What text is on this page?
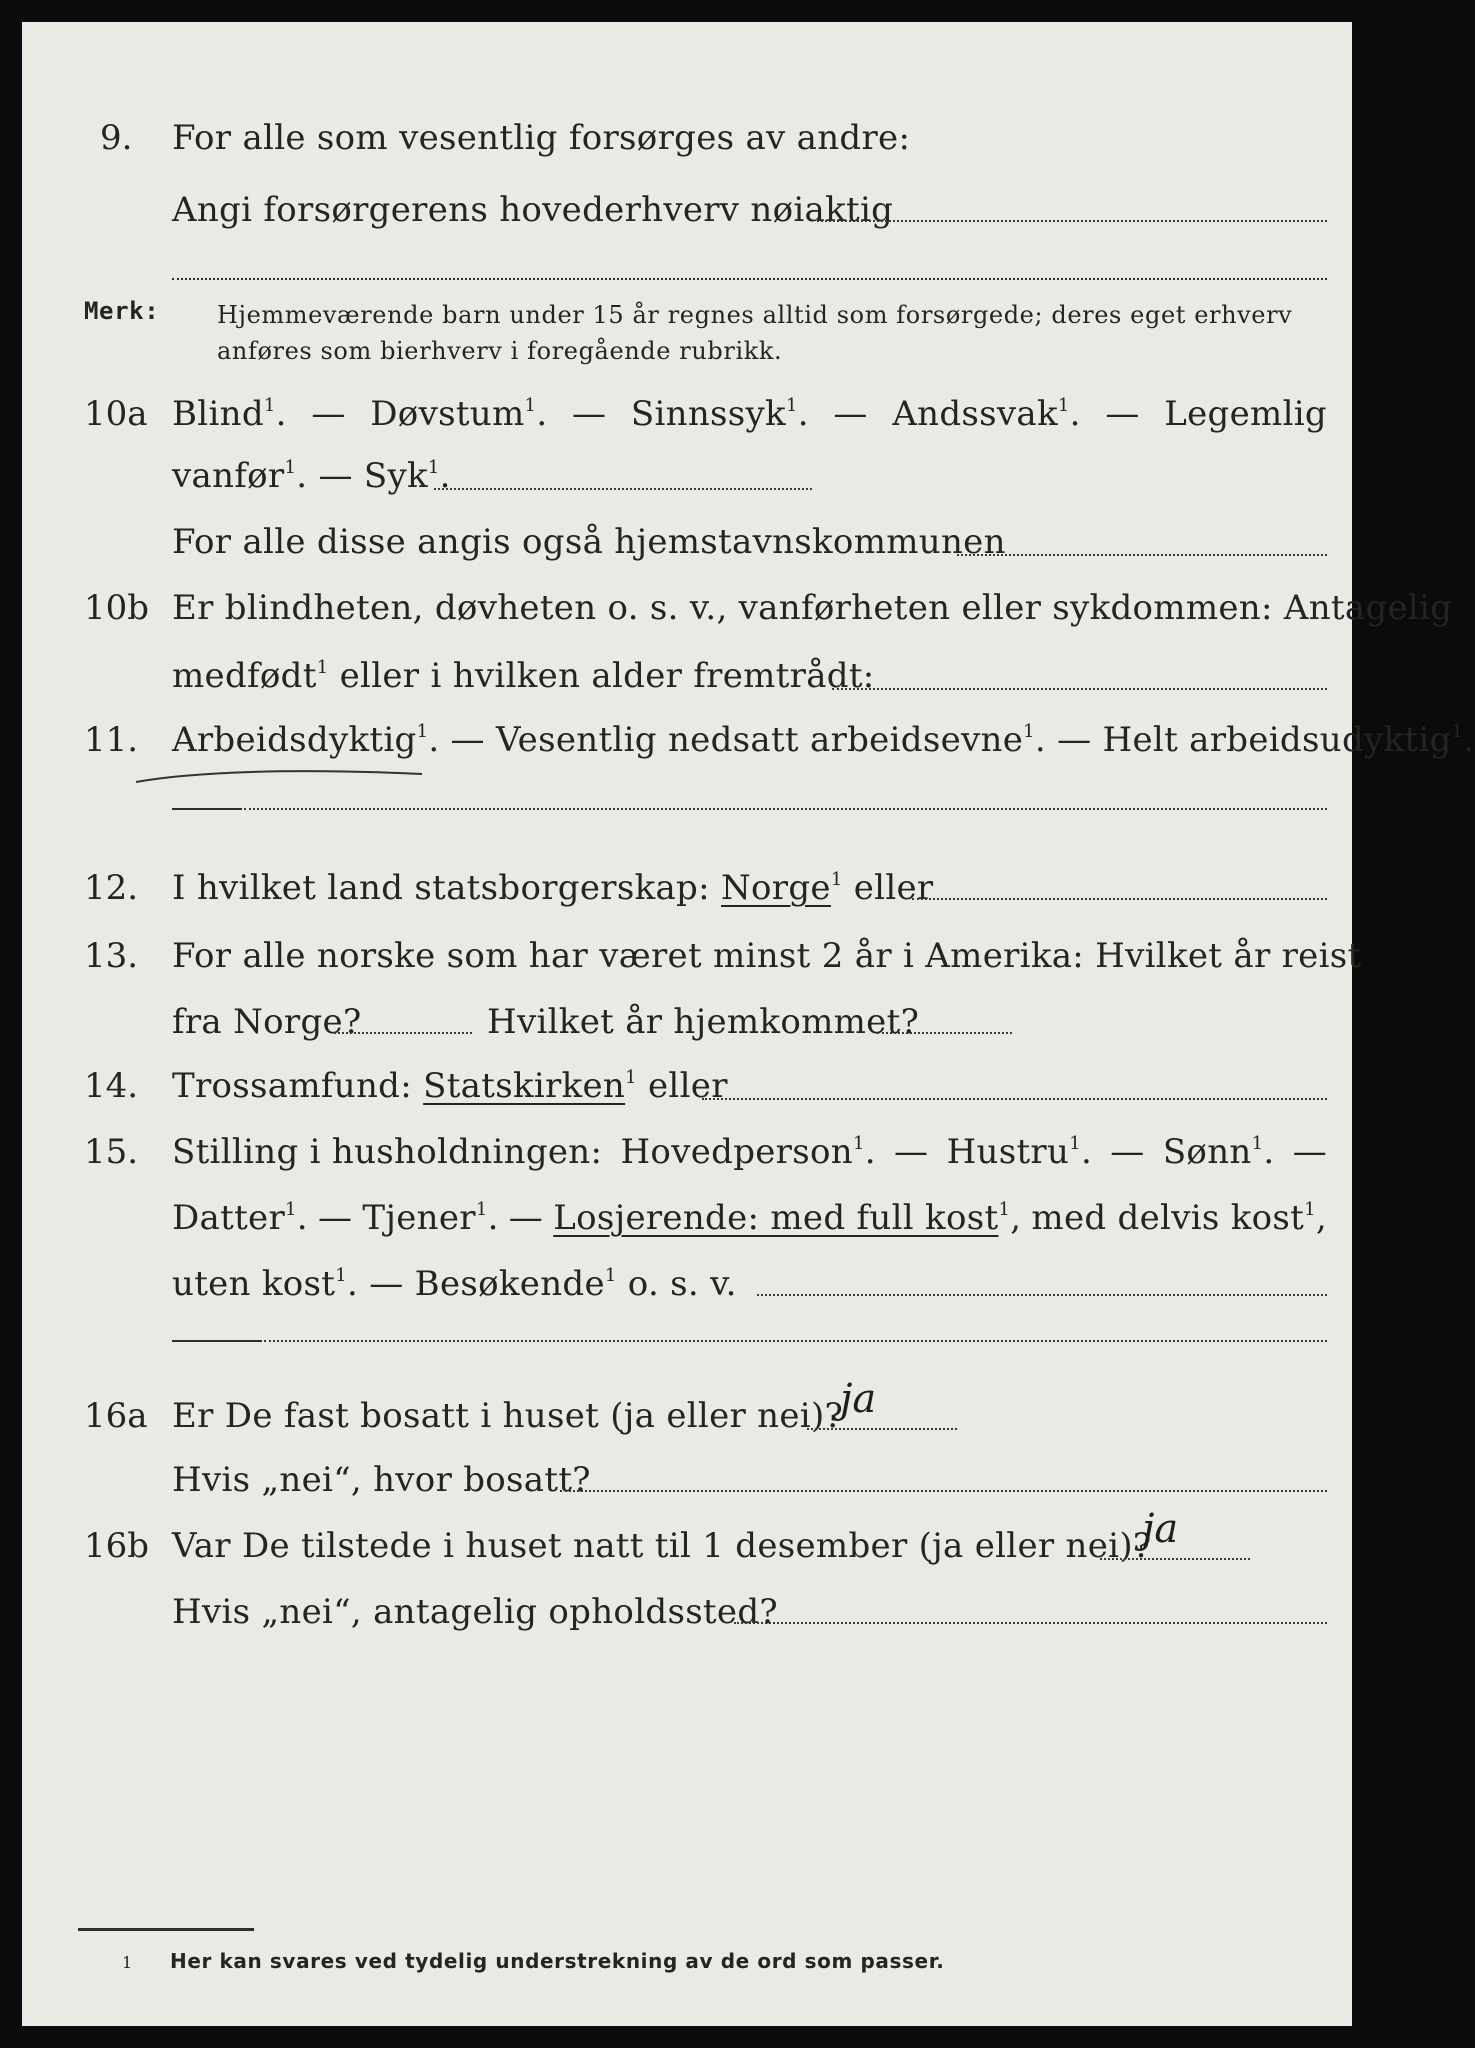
9. For alle som vesentlig forsørges av andre:
Angi forsørgerens hovederhverv nøiaktig
Merk: Hjemmeværende barn under 15 år regnes alltid som forsørgede; deres eget erhverv
anføres som bierhverv i foregående rubrikk.
10a Blind$^1$. — Døvstum$^1$. — Sinnssyk$^1$. — Andssvak$^1$. — Legemlig
vanfør$^1$. — Syk$^1$.
For alle disse angis også hjemstavnskommunen
10b Er blindheten, døvheten o. s. v., vanførheten eller sykdommen: Antagelig
medfødt$^1$ eller i hvilken alder fremtrådt:
11. Arbeidsdyktig$^1$. — Vesentlig nedsatt arbeidsevne$^1$. — Helt arbeidsudyktig$^1$.
12. I hvilket land statsborgerskap: Norge$^1$ eller
13. For alle norske som har været minst 2 år i Amerika: Hvilket år reist
fra Norge?	Hvilket år hjemkommet?
14. Trossamfund: Statskirken$^1$ eller
15. Stilling i husholdningen: Hovedperson$^1$. — Hustru$^1$. — Sønn$^1$. —
Datter$^1$. — Tjener$^1$. — Losjerende: med full kost$^1$, med delvis kost$^1$,
uten kost$^1$. — Besøkende$^1$ o. s. v.
16a Er De fast bosatt i huset (ja eller nei)?
ja
Hvis „nei“, hvor bosatt?
16b Var De tilstede i huset natt til 1 desember (ja eller nei)?
ja
Hvis „nei“, antagelig opholdssted?
1 Her kan svares ved tydelig understrekning av de ord som passer.
